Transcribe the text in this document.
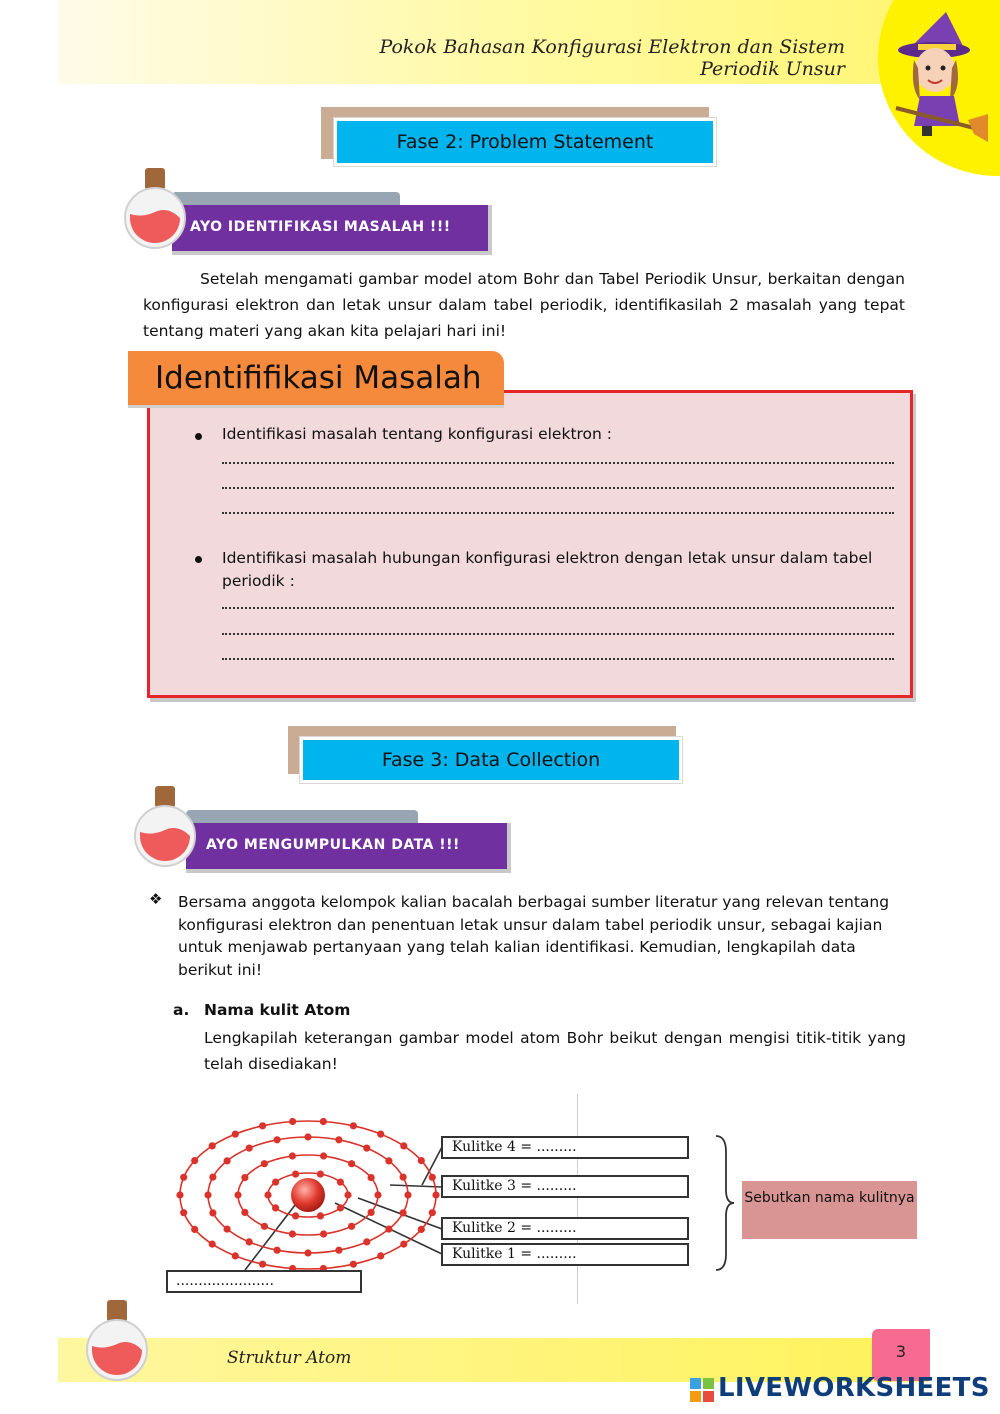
Pokok Bahasan Konfigurasi Elektron dan Sistem Periodik Unsur
Fase 2: Problem Statement
AYO IDENTIFIKASI MASALAH !!!
Setelah mengamati gambar model atom Bohr dan Tabel Periodik Unsur, berkaitan dengan konfigurasi elektron dan letak unsur dalam tabel periodik, identifikasilah 2 masalah yang tepat tentang materi yang akan kita pelajari hari ini!
Identififikasi Masalah
Identifikasi masalah tentang konfigurasi elektron :
Identifikasi masalah hubungan konfigurasi elektron dengan letak unsur dalam tabel periodik :
Fase 3: Data Collection
AYO MENGUMPULKAN DATA !!!
❖ Bersama anggota kelompok kalian bacalah berbagai sumber literatur yang relevan tentang konfigurasi elektron dan penentuan letak unsur dalam tabel periodik unsur, sebagai kajian untuk menjawab pertanyaan yang telah kalian identifikasi. Kemudian, lengkapilah data berikut ini!
a. Nama kulit Atom
Lengkapilah keterangan gambar model atom Bohr beikut dengan mengisi titik-titik yang telah disediakan!
Kulitke 4 = .........
Kulitke 3 = .........
Kulitke 2 = .........
Kulitke 1 = .........
......................
Sebutkan nama kulitnya
Struktur Atom	3
LIVEWORKSHEETS
